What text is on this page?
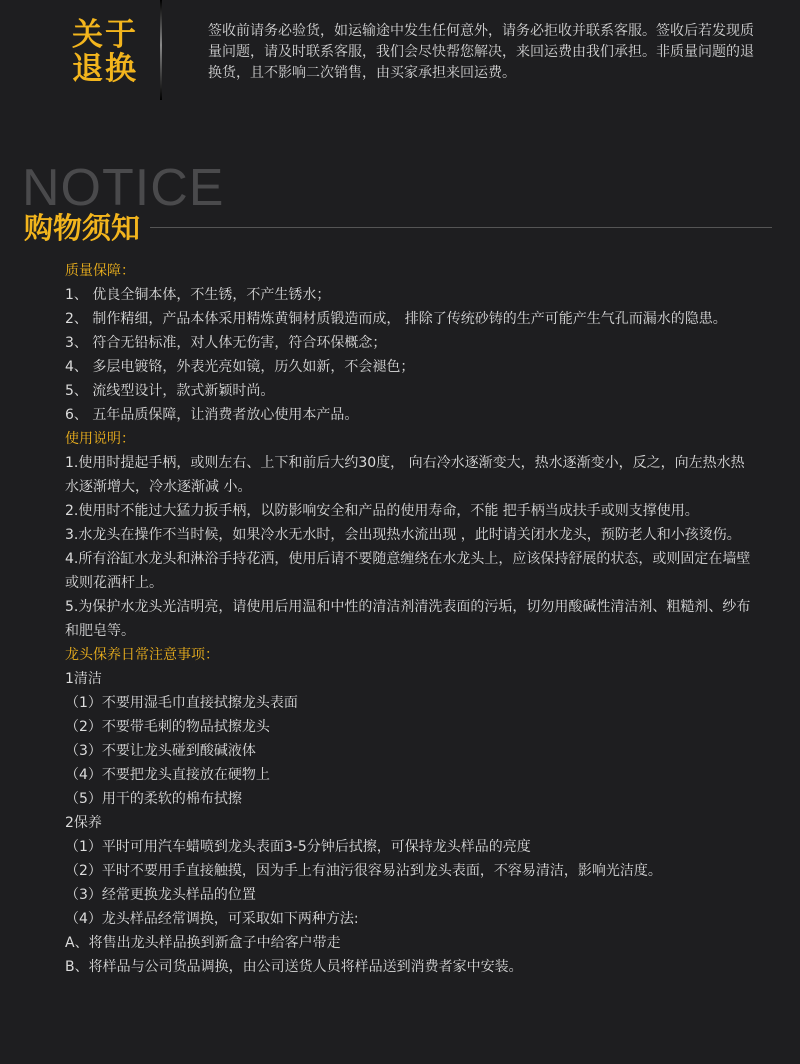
关于
退换

签收前请务必验货，如运输途中发生任何意外，请务必拒收并联系客服。签收后若发现质量问题，请及时联系客服，我们会尽快帮您解决，来回运费由我们承担。非质量问题的退换货，且不影响二次销售，由买家承担来回运费。

NOTICE
购物须知

质量保障：

1、 优良全铜本体，不生锈，不产生锈水；

2、 制作精细，产品本体采用精炼黄铜材质锻造而成， 排除了传统砂铸的生产可能产生气孔而漏水的隐患。

3、 符合无铅标准，对人体无伤害，符合环保概念；

4、 多层电镀铬，外表光亮如镜，历久如新，不会褪色；

5、 流线型设计，款式新颖时尚。

6、 五年品质保障，让消费者放心使用本产品。

使用说明：

1.使用时提起手柄，或则左右、上下和前后大约30度， 向右冷水逐渐变大，热水逐渐变小，反之，向左热水热水逐渐增大，冷水逐渐减 小。

2.使用时不能过大猛力扳手柄，以防影响安全和产品的使用寿命，不能 把手柄当成扶手或则支撑使用。

3.水龙头在操作不当时候，如果冷水无水时，会出现热水流出现 ，此时请关闭水龙头，预防老人和小孩烫伤。

4.所有浴缸水龙头和淋浴手持花洒，使用后请不要随意缠绕在水龙头上，应该保持舒展的状态，或则固定在墙壁或则花洒杆上。

5.为保护水龙头光洁明亮，请使用后用温和中性的清洁剂清洗表面的污垢，切勿用酸碱性清洁剂、粗糙剂、纱布和肥皂等。

龙头保养日常注意事项：

1清洁

（1）不要用湿毛巾直接拭擦龙头表面

（2）不要带毛刺的物品拭擦龙头

（3）不要让龙头碰到酸碱液体

（4）不要把龙头直接放在硬物上

（5）用干的柔软的棉布拭擦

2保养

（1）平时可用汽车蜡喷到龙头表面3-5分钟后拭擦，可保持龙头样品的亮度

（2）平时不要用手直接触摸，因为手上有油污很容易沾到龙头表面，不容易清洁，影响光洁度。

（3）经常更换龙头样品的位置

（4）龙头样品经常调换，可采取如下两种方法:

A、将售出龙头样品换到新盒子中给客户带走

B、将样品与公司货品调换，由公司送货人员将样品送到消费者家中安装。
